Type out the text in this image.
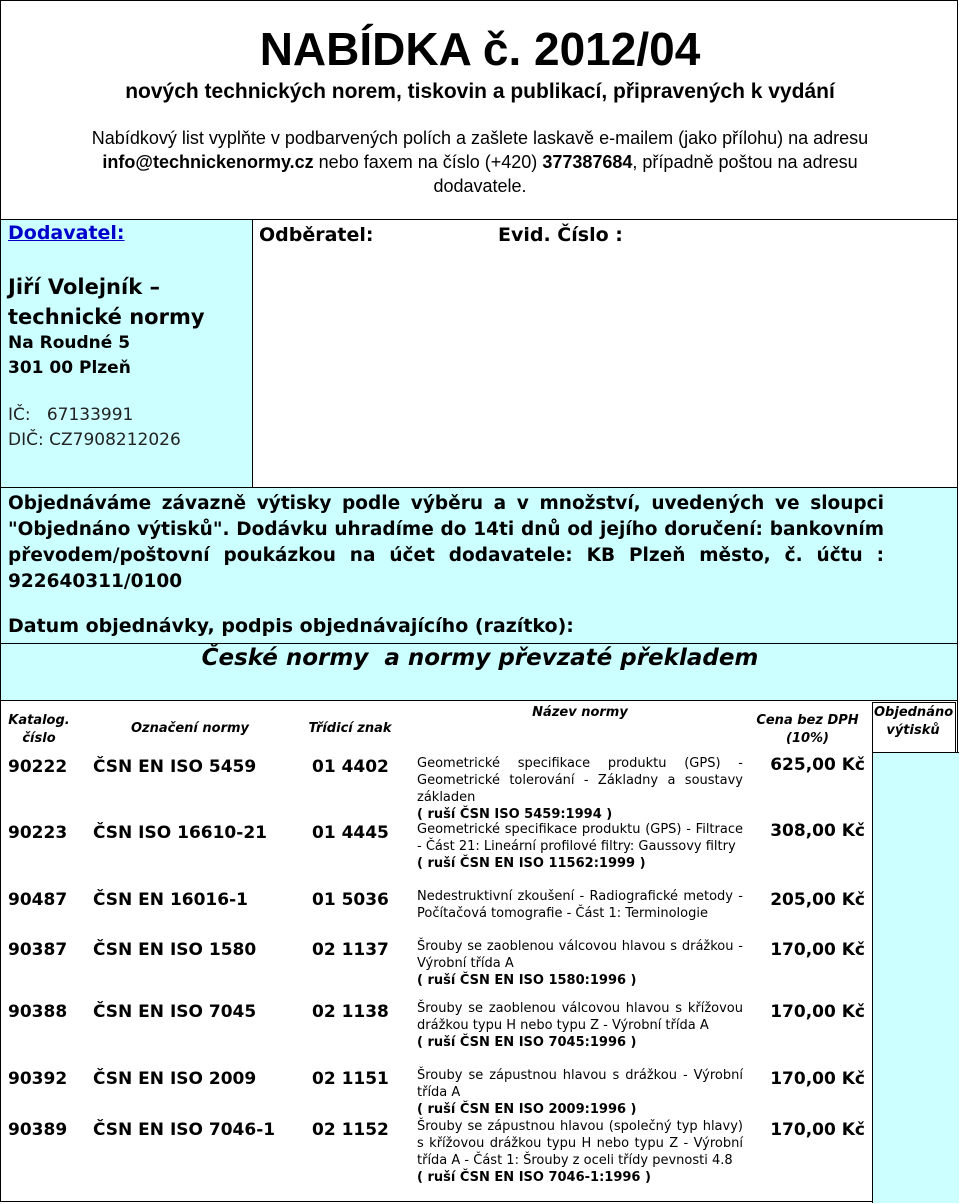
NABÍDKA č. 2012/04
nových technických norem, tiskovin a publikací, připravených k vydání
Nabídkový list vyplňte v podbarvených polích a zašlete laskavě e-mailem (jako přílohu) na adresu
info@technickenormy.cz nebo faxem na číslo (+420) 377387684, případně poštou na adresu
dodavatele.
Dodavatel:
Jiří Volejník –
technické normy
Na Roudné 5
301 00 Plzeň
IČ:   67133991
DIČ: CZ7908212026
Odběratel:	Evid. Číslo :
Objednáváme závazně výtisky podle výběru a v množství, uvedených ve sloupci "Objednáno výtisků". Dodávku uhradíme do 14ti dnů od jejího doručení: bankovním převodem/poštovní poukázkou na účet dodavatele: KB Plzeň město, č. účtu : 922640311/0100
Datum objednávky, podpis objednávajícího (razítko):
České normy  a normy převzaté překladem
Katalog. číslo
Označení normy	Třídicí znak
Název normy
Cena bez DPH (10%)
Objednáno výtisků
90222 ČSN EN ISO 5459	01 4402 Geometrické specifikace produktu (GPS) - Geometrické tolerování - Základny a soustavy základen
( ruší ČSN ISO 5459:1994 )
625,00 Kč
90223 ČSN ISO 16610-21	01 4445 Geometrické specifikace produktu (GPS) - Filtrace - Část 21: Lineární profilové filtry: Gaussovy filtry
( ruší ČSN EN ISO 11562:1999 )
308,00 Kč
90487 ČSN EN 16016-1	01 5036 Nedestruktivní zkoušení - Radiografické metody - Počítačová tomografie - Část 1: Terminologie
205,00 Kč
90387 ČSN EN ISO 1580	02 1137 Šrouby se zaoblenou válcovou hlavou s drážkou - Výrobní třída A
( ruší ČSN EN ISO 1580:1996 )
170,00 Kč
90388 ČSN EN ISO 7045	02 1138 Šrouby se zaoblenou válcovou hlavou s křížovou drážkou typu H nebo typu Z - Výrobní třída A
( ruší ČSN EN ISO 7045:1996 )
170,00 Kč
90392 ČSN EN ISO 2009	02 1151 Šrouby se zápustnou hlavou s drážkou - Výrobní třída A
( ruší ČSN EN ISO 2009:1996 )
170,00 Kč
90389 ČSN EN ISO 7046-1 02 1152 Šrouby se zápustnou hlavou (společný typ hlavy) s křížovou drážkou typu H nebo typu Z - Výrobní třída A - Část 1: Šrouby z oceli třídy pevnosti 4.8
( ruší ČSN EN ISO 7046-1:1996 )
170,00 Kč
